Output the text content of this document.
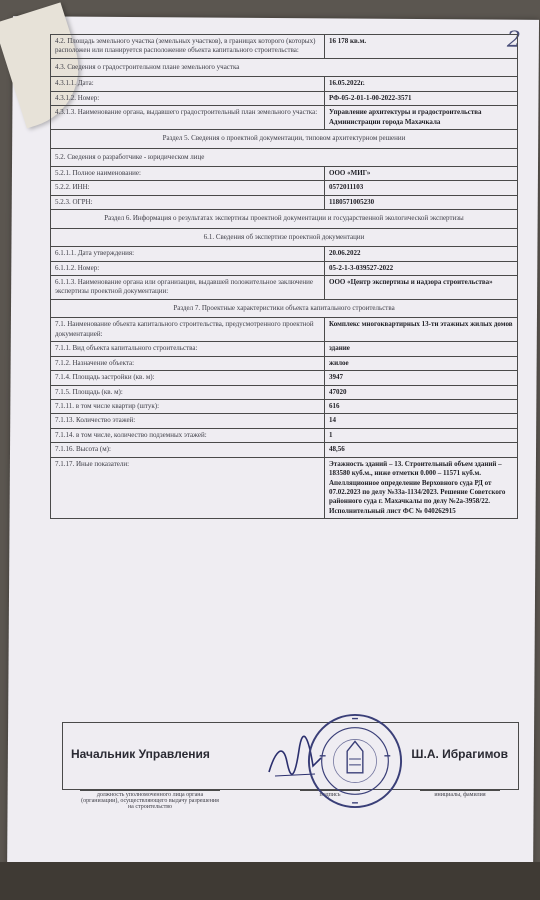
2
4.2. Площадь земельного участка (земельных участков), в границах которого (которых) расположен или планируется расположение объекта капитального строительства:	16 178 кв.м.
4.3. Сведения о градостроительном плане земельного участка	
4.3.1.1. Дата:	16.05.2022г.
4.3.1.2. Номер:	РФ-05-2-01-1-00-2022-3571
4.3.1.3. Наименование органа, выдавшего градостроительный план земельного участка:	Управление архитектуры и градостроительства Администрации города Махачкала
Раздел 5. Сведения о проектной документации, типовом архитектурном решении	
5.2. Сведения о разработчике - юридическом лице	
5.2.1. Полное наименование:	ООО «МИГ»
5.2.2. ИНН:	0572011103
5.2.3. ОГРН:	1180571005230
Раздел 6. Информация о результатах экспертизы проектной документации и государственной экологической экспертизы	
6.1. Сведения об экспертизе проектной документации	
6.1.1.1. Дата утверждения:	20.06.2022
6.1.1.2. Номер:	05-2-1-3-039527-2022
6.1.1.3. Наименование органа или организации, выдавшей положительное заключение экспертизы проектной документации:	ООО «Центр экспертизы и надзора строительства»
Раздел 7. Проектные характеристики объекта капитального строительства	
7.1. Наименование объекта капитального строительства, предусмотренного проектной документацией:	Комплекс многоквартирных 13-ти этажных жилых домов
7.1.1. Вид объекта капитального строительства:	здание
7.1.2. Назначение объекта:	жилое
7.1.4. Площадь застройки (кв. м):	3947
7.1.5. Площадь (кв. м):	47020
7.1.11. в том числе квартир (штук):	616
7.1.13. Количество этажей:	14
7.1.14. в том числе, количество подземных этажей:	1
7.1.16. Высота (м):	48,56
7.1.17. Иные показатели:	Этажность зданий – 13. Строительный объем зданий – 183580 куб.м., ниже отметки 0.000 – 11571 куб.м. Апелляционное определение Верховного суда РД от 07.02.2023 по делу №33а-1134/2023. Решение Советского районного суда г. Махачкалы по делу №2а-3958/22. Исполнительный лист ФС № 040262915
Начальник Управления	Ш.А. Ибрагимов
должность уполномоченного лица органа (организации), осуществляющего выдачу разрешения на строительство
подпись	инициалы, фамилия
